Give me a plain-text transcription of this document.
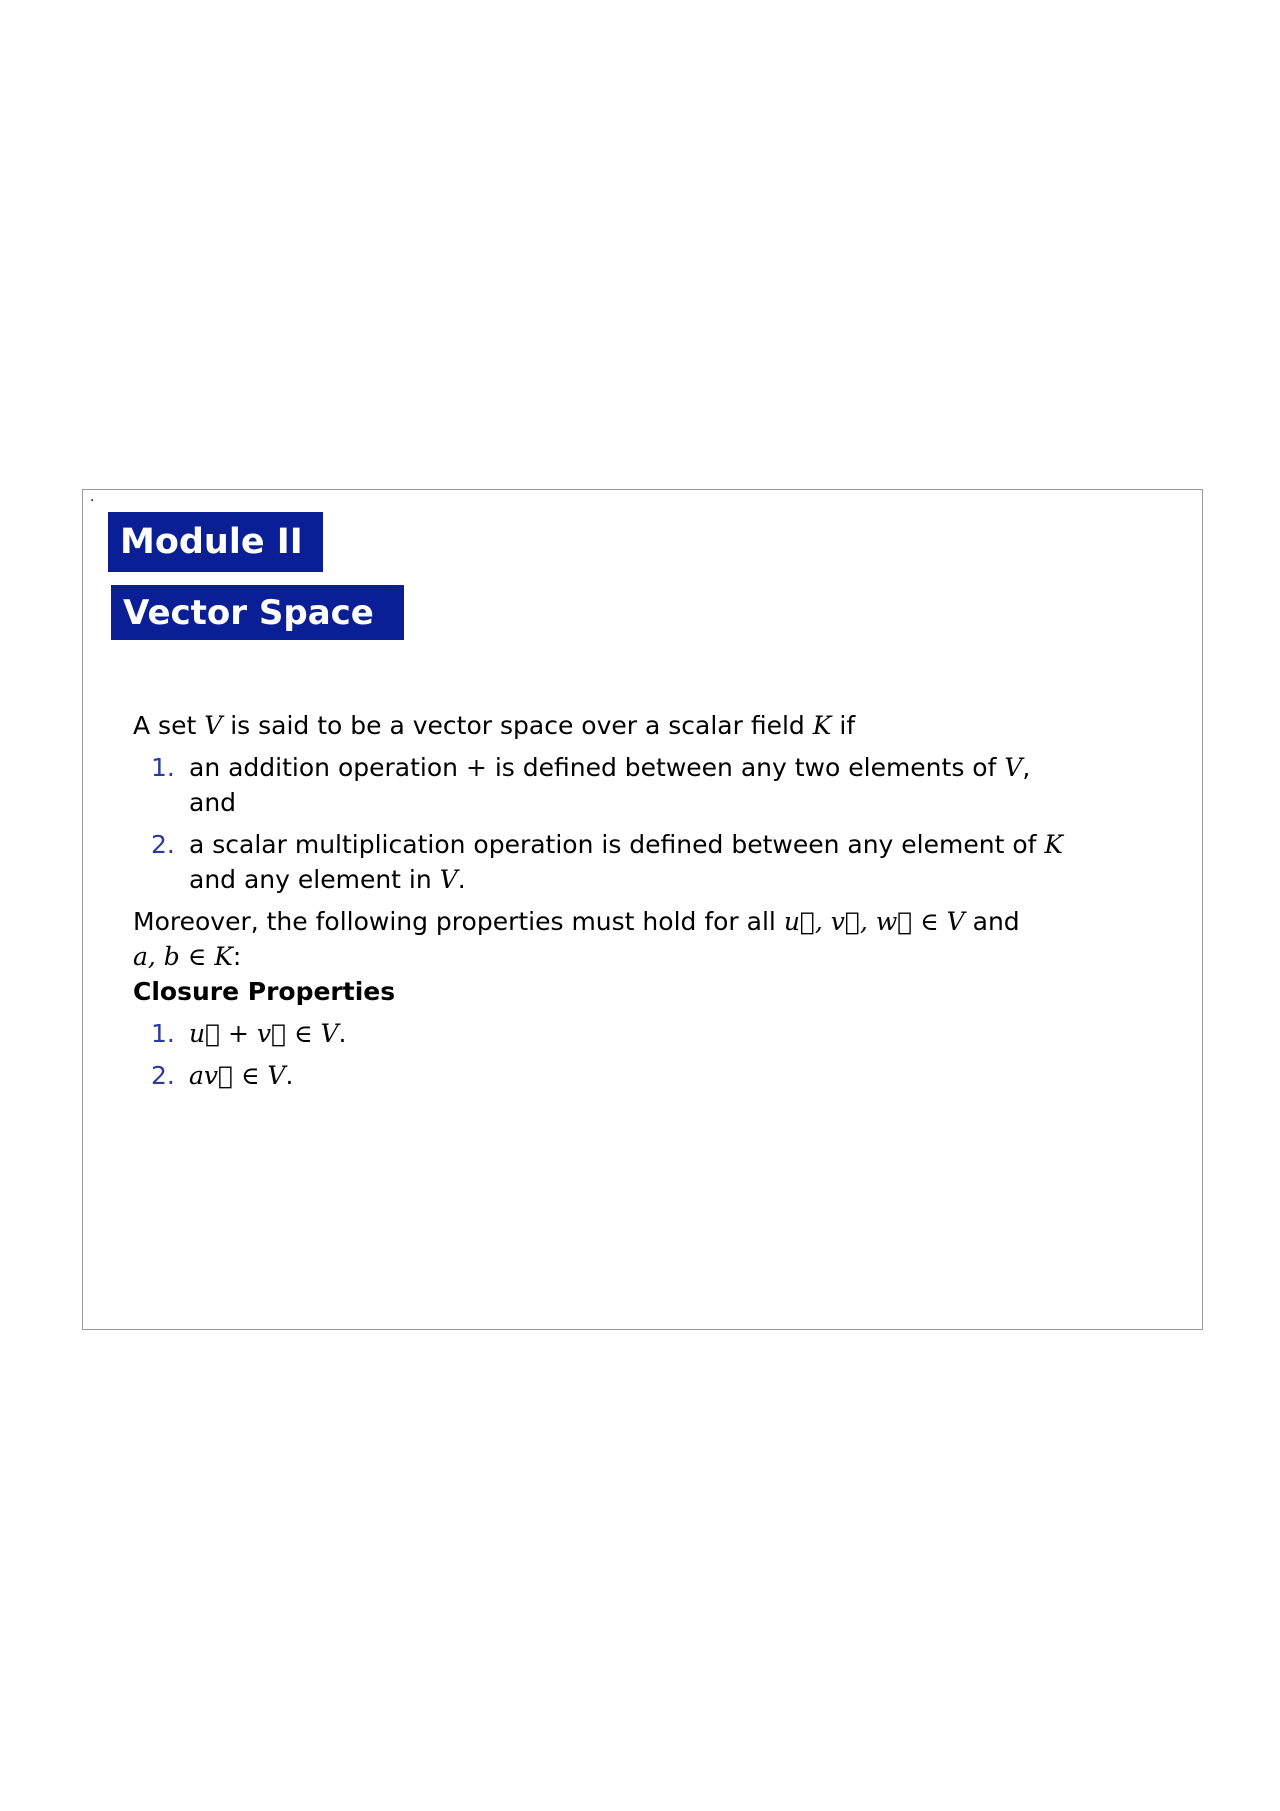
.
Module II
Vector Space
A set V is said to be a vector space over a scalar field K if
1. an addition operation + is defined between any two elements of V,
and
2. a scalar multiplication operation is defined between any element of K
and any element in V.
Moreover, the following properties must hold for all u⃗, v⃗, w⃗ ∈ V and
a, b ∈ K:
Closure Properties
1. u⃗ + v⃗ ∈ V.
2. av⃗ ∈ V.
